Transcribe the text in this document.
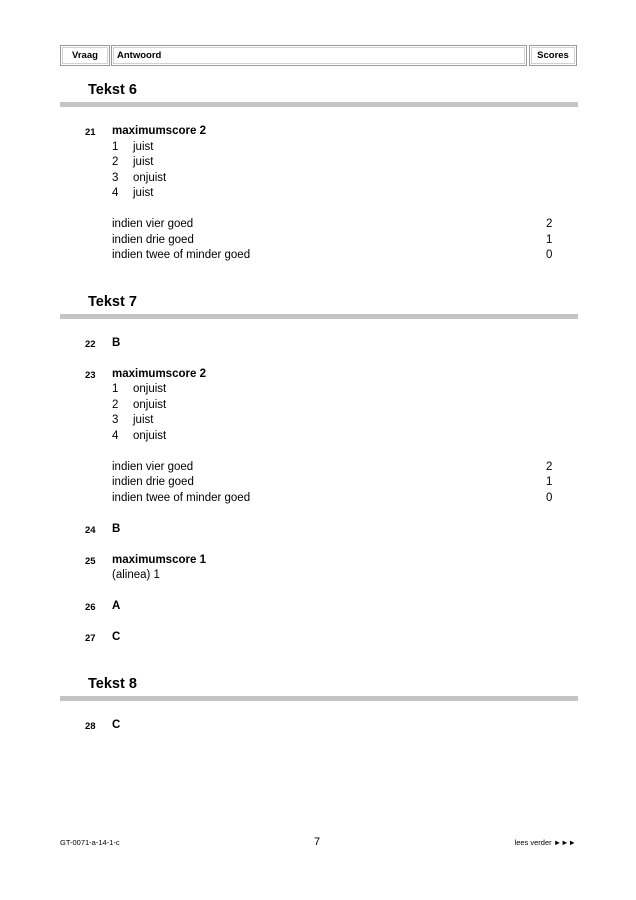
Vraag Antwoord	Scores
Tekst 6
21 maximumscore 2
1 juist
2 juist
3 onjuist
4 juist
indien vier goed	2
indien drie goed	1
indien twee of minder goed	0
Tekst 7
22 B
23 maximumscore 2
1 onjuist
2 onjuist
3 juist
4 onjuist
indien vier goed	2
indien drie goed	1
indien twee of minder goed	0
24 B
25 maximumscore 1
(alinea) 1
26 A
27 C
Tekst 8
28 C
GT-0071-a-14-1-c	7	lees verder ►►►
